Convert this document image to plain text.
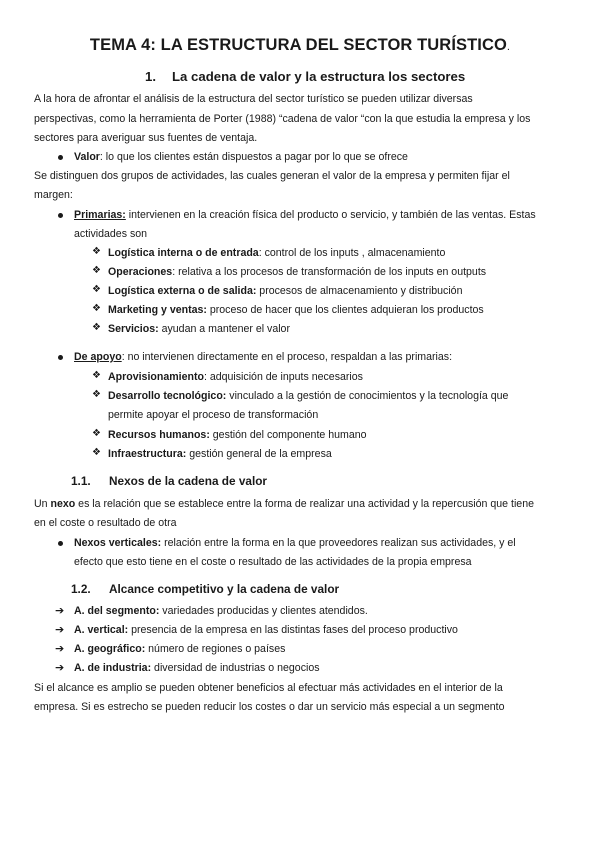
TEMA 4: LA ESTRUCTURA DEL SECTOR TURÍSTICO.
1. La cadena de valor y la estructura los sectores
A la hora de afrontar el análisis de la estructura del sector turístico se pueden utilizar diversas
perspectivas, como la herramienta de Porter (1988) “cadena de valor “con la que estudia la empresa y los
sectores para averiguar sus fuentes de ventaja.
Valor: lo que los clientes están dispuestos a pagar por lo que se ofrece
Se distinguen dos grupos de actividades, las cuales generan el valor de la empresa y permiten fijar el
margen:
Primarias: intervienen en la creación física del producto o servicio, y también de las ventas. Estas
actividades son
❖ Logística interna o de entrada: control de los inputs , almacenamiento
❖ Operaciones: relativa a los procesos de transformación de los inputs en outputs
❖ Logística externa o de salida: procesos de almacenamiento y distribución
❖ Marketing y ventas: proceso de hacer que los clientes adquieran los productos
❖ Servicios: ayudan a mantener el valor
De apoyo: no intervienen directamente en el proceso, respaldan a las primarias:
❖ Aprovisionamiento: adquisición de inputs necesarios
❖ Desarrollo tecnológico: vinculado a la gestión de conocimientos y la tecnología que
permite apoyar el proceso de transformación
❖ Recursos humanos: gestión del componente humano
❖ Infraestructura: gestión general de la empresa
1.1. Nexos de la cadena de valor
Un nexo es la relación que se establece entre la forma de realizar una actividad y la repercusión que tiene
en el coste o resultado de otra
Nexos verticales: relación entre la forma en la que proveedores realizan sus actividades, y el
efecto que esto tiene en el coste o resultado de las actividades de la propia empresa
1.2. Alcance competitivo y la cadena de valor
➔ A. del segmento: variedades producidas y clientes atendidos.
➔ A. vertical: presencia de la empresa en las distintas fases del proceso productivo
➔ A. geográfico: número de regiones o países
➔ A. de industria: diversidad de industrias o negocios
Si el alcance es amplio se pueden obtener beneficios al efectuar más actividades en el interior de la
empresa. Si es estrecho se pueden reducir los costes o dar un servicio más especial a un segmento
